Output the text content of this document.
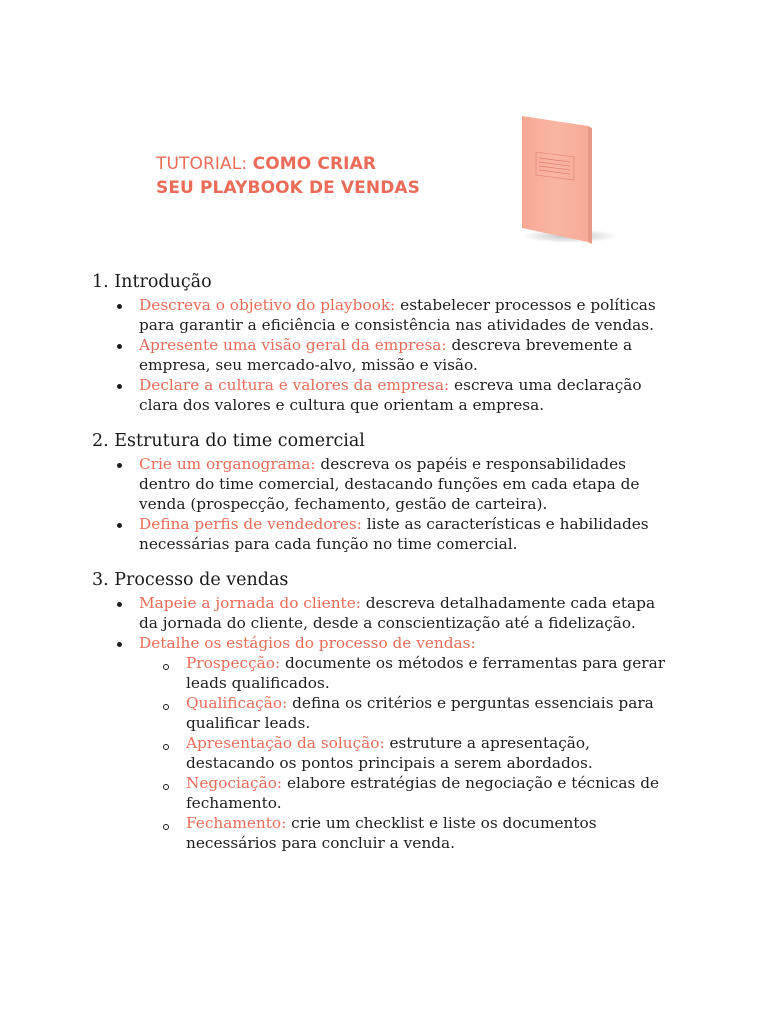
TUTORIAL: COMO CRIAR
SEU PLAYBOOK DE VENDAS
1. Introdução
Descreva o objetivo do playbook: estabelecer processos e políticas para garantir a eficiência e consistência nas atividades de vendas.
Apresente uma visão geral da empresa: descreva brevemente a empresa, seu mercado-alvo, missão e visão.
Declare a cultura e valores da empresa: escreva uma declaração clara dos valores e cultura que orientam a empresa.
2. Estrutura do time comercial
Crie um organograma: descreva os papéis e responsabilidades dentro do time comercial, destacando funções em cada etapa de venda (prospecção, fechamento, gestão de carteira).
Defina perfis de vendedores: liste as características e habilidades necessárias para cada função no time comercial.
3. Processo de vendas
Mapeie a jornada do cliente: descreva detalhadamente cada etapa da jornada do cliente, desde a conscientização até a fidelização.
Detalhe os estágios do processo de vendas:
Prospecção: documente os métodos e ferramentas para gerar leads qualificados.
Qualificação: defina os critérios e perguntas essenciais para qualificar leads.
Apresentação da solução: estruture a apresentação, destacando os pontos principais a serem abordados.
Negociação: elabore estratégias de negociação e técnicas de fechamento.
Fechamento: crie um checklist e liste os documentos necessários para concluir a venda.
